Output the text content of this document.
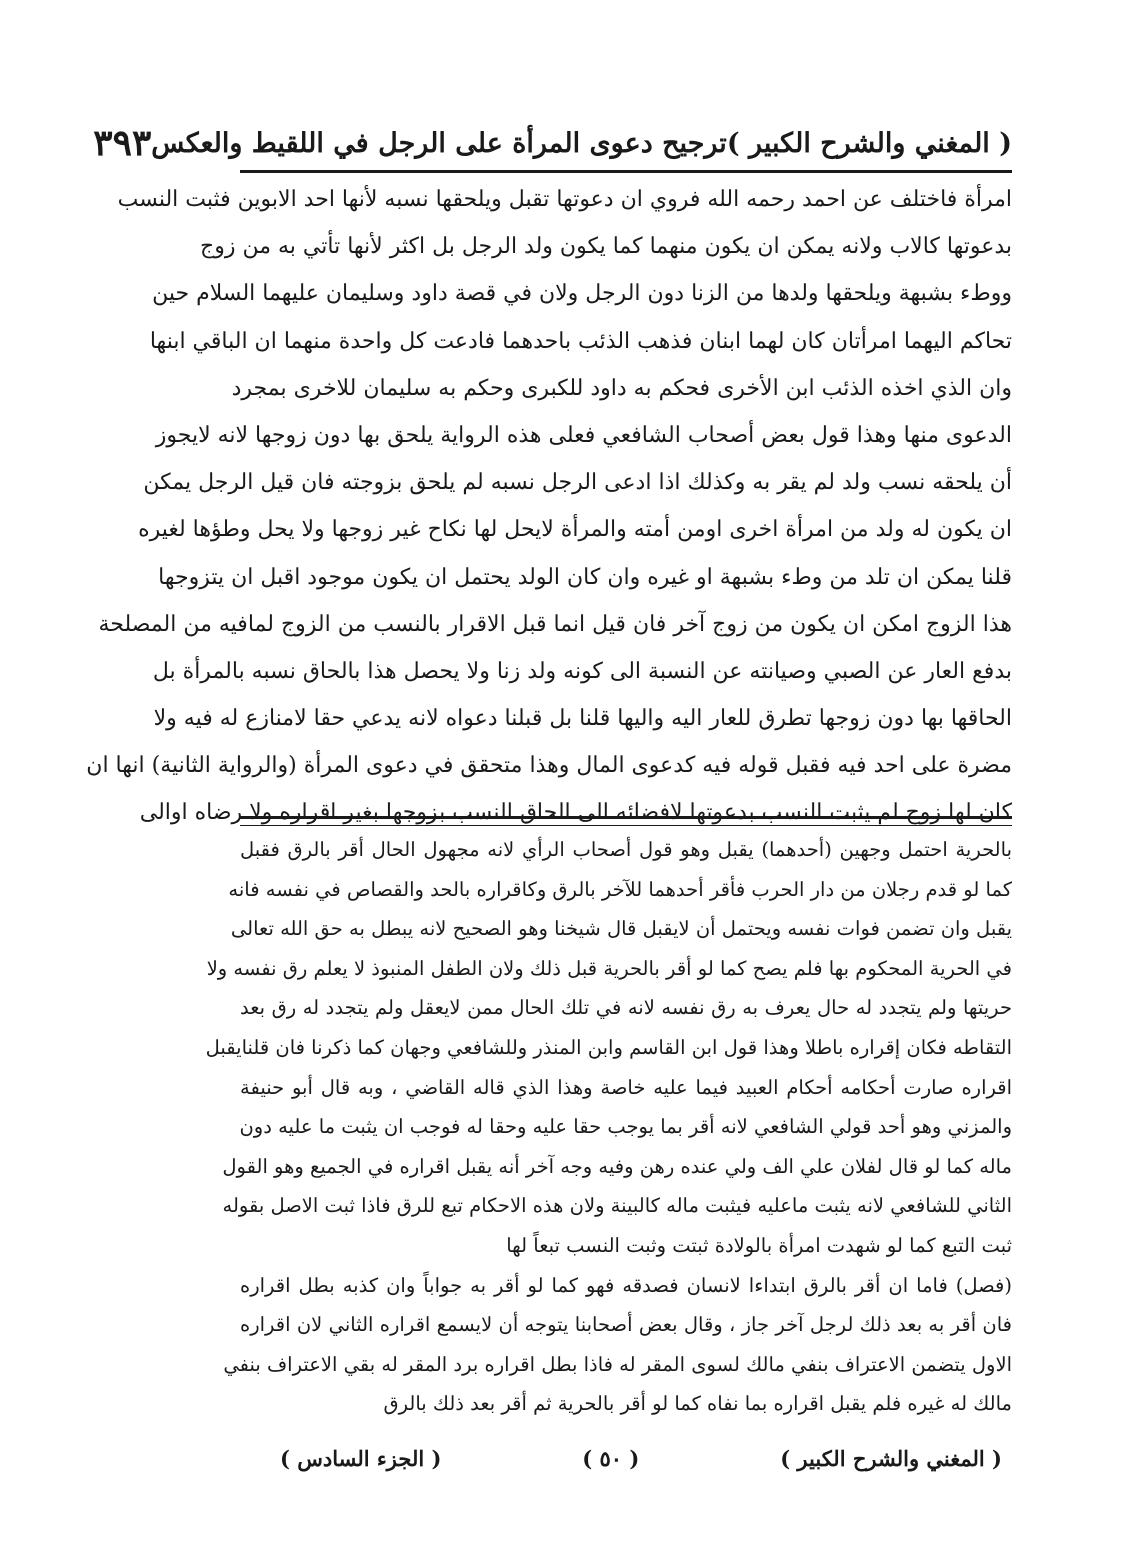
( المغني والشرح الكبير )
ترجيح دعوى المرأة على الرجل في اللقيط والعكس
٣٩٣
امرأة فاختلف عن احمد رحمه الله فروي ان دعوتها تقبل ويلحقها نسبه لأنها احد الابوين فثبت النسب
بدعوتها كالاب ولانه يمكن ان يكون منهما كما يكون ولد الرجل بل اكثر لأنها تأتي به من زوج
ووطء بشبهة ويلحقها ولدها من الزنا دون الرجل ولان في قصة داود وسليمان عليهما السلام حين
تحاكم اليهما امرأتان كان لهما ابنان فذهب الذئب باحدهما فادعت كل واحدة منهما ان الباقي ابنها
وان الذي اخذه الذئب ابن الأخرى فحكم به داود للكبرى وحكم به سليمان للاخرى بمجرد
الدعوى منها وهذا قول بعض أصحاب الشافعي فعلى هذه الرواية يلحق بها دون زوجها لانه لايجوز
أن يلحقه نسب ولد لم يقر به وكذلك اذا ادعى الرجل نسبه لم يلحق بزوجته فان قيل الرجل يمكن
ان يكون له ولد من امرأة اخرى اومن أمته والمرأة لايحل لها نكاح غير زوجها ولا يحل وطؤها لغيره
قلنا يمكن ان تلد من وطء بشبهة او غيره وان كان الولد يحتمل ان يكون موجود اقبل ان يتزوجها
هذا الزوج امكن ان يكون من زوج آخر فان قيل انما قبل الاقرار بالنسب من الزوج لمافيه من المصلحة
بدفع العار عن الصبي وصيانته عن النسبة الى كونه ولد زنا ولا يحصل هذا بالحاق نسبه بالمرأة بل
الحاقها بها دون زوجها تطرق للعار اليه واليها قلنا بل قبلنا دعواه لانه يدعي حقا لامنازع له فيه ولا
مضرة على احد فيه فقبل قوله فيه كدعوى المال وهذا متحقق في دعوى المرأة (والرواية الثانية) انها ان
كان لها زوج لم يثبت النسب بدعوتها لافضائه الى الحاق النسب بزوجها بغير اقراره ولا رضاه اوالى
بالحرية احتمل وجهين (أحدهما) يقبل وهو قول أصحاب الرأي لانه مجهول الحال أقر بالرق فقبل
كما لو قدم رجلان من دار الحرب فأقر أحدهما للآخر بالرق وكاقراره بالحد والقصاص في نفسه فانه
يقبل وان تضمن فوات نفسه ويحتمل أن لايقبل قال شيخنا وهو الصحيح لانه يبطل به حق الله تعالى
في الحرية المحكوم بها فلم يصح كما لو أقر بالحرية قبل ذلك ولان الطفل المنبوذ لا يعلم رق نفسه ولا
حريتها ولم يتجدد له حال يعرف به رق نفسه لانه في تلك الحال ممن لايعقل ولم يتجدد له رق بعد
التقاطه فكان إقراره باطلا وهذا قول ابن القاسم وابن المنذر وللشافعي وجهان كما ذكرنا فان قلنايقبل
اقراره صارت أحكامه أحكام العبيد فيما عليه خاصة وهذا الذي قاله القاضي ، وبه قال أبو حنيفة
والمزني وهو أحد قولي الشافعي لانه أقر بما يوجب حقا عليه وحقا له فوجب ان يثبت ما عليه دون
ماله كما لو قال لفلان علي الف ولي عنده رهن وفيه وجه آخر أنه يقبل اقراره في الجميع وهو القول
الثاني للشافعي لانه يثبت ماعليه فيثبت ماله كالبينة ولان هذه الاحكام تبع للرق فاذا ثبت الاصل بقوله
ثبت التبع كما لو شهدت امرأة بالولادة ثبتت وثبت النسب تبعاً لها
(فصل) فاما ان أقر بالرق ابتداءا لانسان فصدقه فهو كما لو أقر به جواباً وان كذبه بطل اقراره
فان أقر به بعد ذلك لرجل آخر جاز ، وقال بعض أصحابنا يتوجه أن لايسمع اقراره الثاني لان اقراره
الاول يتضمن الاعتراف بنفي مالك لسوى المقر له فاذا بطل اقراره برد المقر له بقي الاعتراف بنفي
مالك له غيره فلم يقبل اقراره بما نفاه كما لو أقر بالحرية ثم أقر بعد ذلك بالرق
( المغني والشرح الكبير )
( ٥٠ )
( الجزء السادس )
